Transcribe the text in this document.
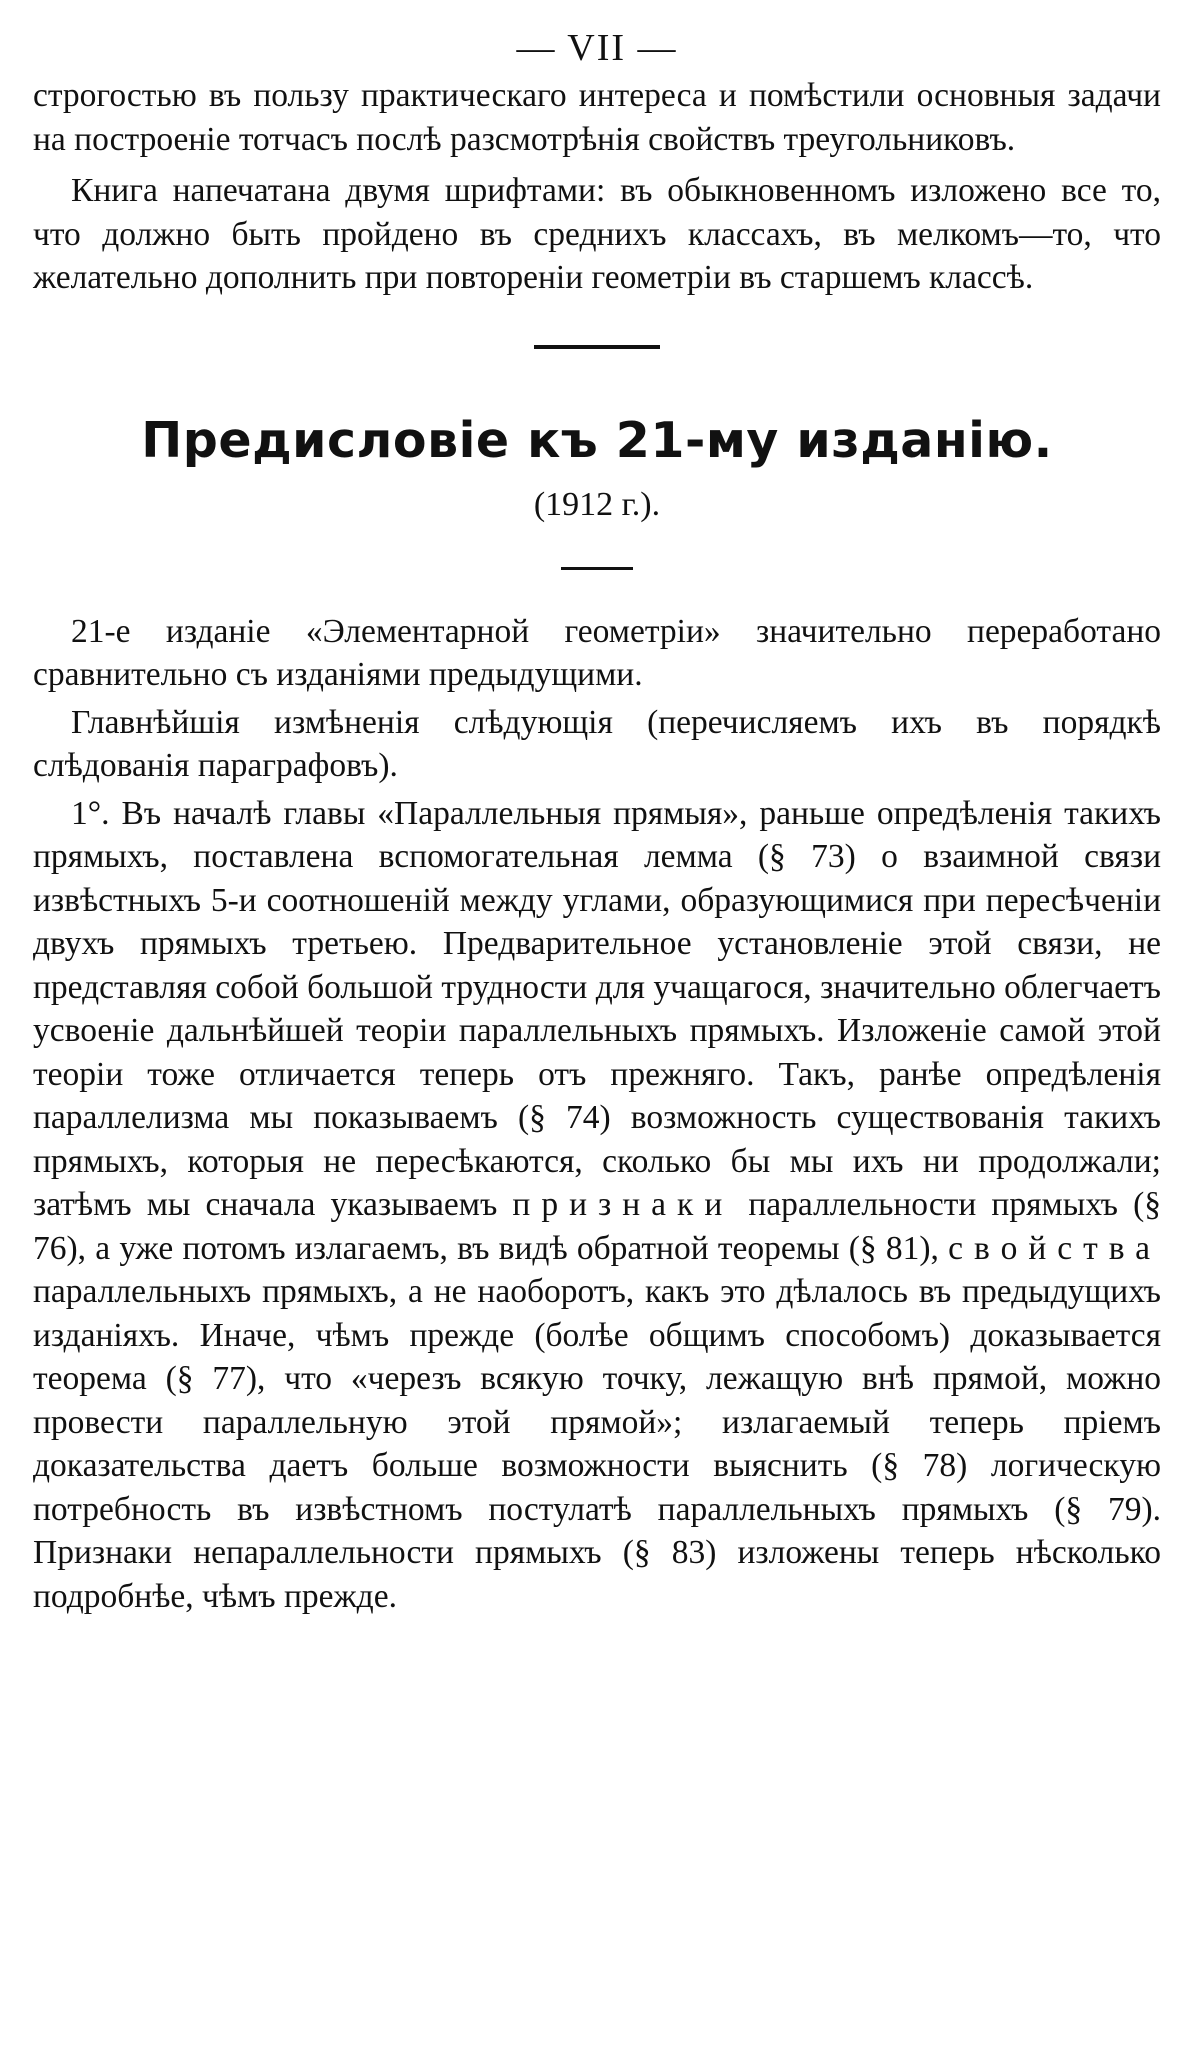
— VII —

строгостью въ пользу практическаго интереса и помѣстили основныя задачи на построеніе тотчасъ послѣ разсмотрѣнія свойствъ треугольниковъ.

Книга напечатана двумя шрифтами: въ обыкновенномъ изложено все то, что должно быть пройдено въ средниxъ классахъ, въ мелкомъ—то, что желательно дополнить при повтореніи геометріи въ старшемъ классѣ.

Предисловіе къ 21-му изданію.
(1912 г.).

21-е изданіе «Элементарной геометріи» значительно переработано сравнительно съ изданіями предыдущими.

Главнѣйшія измѣненія слѣдующія (перечисляемъ ихъ въ порядкѣ слѣдованія параграфовъ).

1°. Въ началѣ главы «Параллельныя прямыя», раньше опредѣленія такихъ прямыхъ, поставлена вспомогательная лемма (§ 73) о взаимной связи извѣстныхъ 5-и соотношеній между углами, образующимися при пересѣченіи двухъ прямыхъ третьею. Предварительное установленіе этой связи, не представляя собой большой трудности для учащагося, значительно облегчаетъ усвоеніе дальнѣйшей теоріи параллельныхъ прямыхъ. Изложеніе самой этой теоріи тоже отличается теперь отъ прежняго. Такъ, ранѣе опредѣленія параллелизма мы показываемъ (§ 74) возможность существованія такихъ прямыхъ, которыя не пересѣкаются, сколько бы мы ихъ ни продолжали; затѣмъ мы сначала указываемъ признаки параллельности прямыхъ (§ 76), а уже потомъ излагаемъ, въ видѣ обратной теоремы (§ 81), свойства параллельныхъ прямыхъ, а не наоборотъ, какъ это дѣлалось въ предыдущихъ изданіяхъ. Иначе, чѣмъ прежде (болѣе общимъ способомъ) доказывается теорема (§ 77), что «черезъ всякую точку, лежащую внѣ прямой, можно провести параллельную этой прямой»; излагаемый теперь пріемъ доказательства даетъ больше возможности выяснить (§ 78) логическую потребность въ извѣстномъ постулатѣ параллельныхъ прямыхъ (§ 79). Признаки непараллельности прямыхъ (§ 83) изложены теперь нѣсколько подробнѣе, чѣмъ прежде.
